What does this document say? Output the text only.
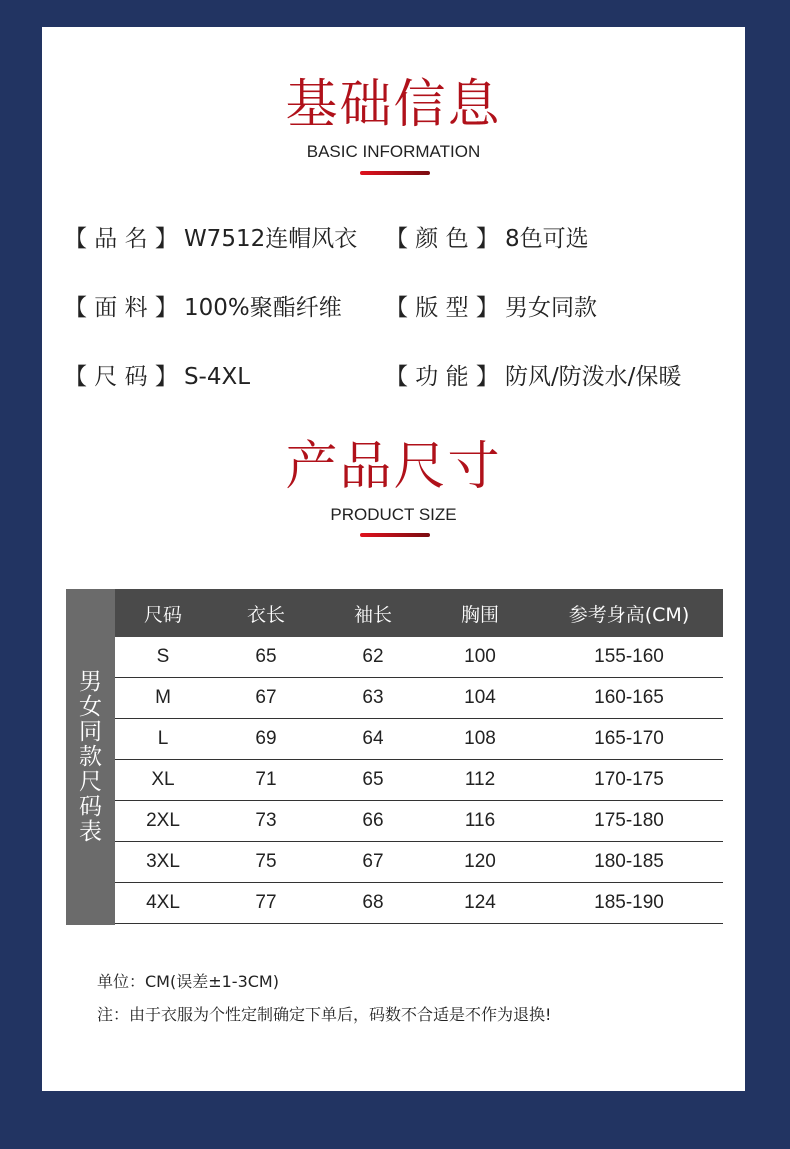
基础信息
BASIC INFORMATION
【 品 名 】 W7512连帽风衣 【 颜 色 】 8色可选
【 面 料 】 100%聚酯纤维 【 版 型 】 男女同款
【 尺 码 】 S-4XL	【 功 能 】 防风/防泼水/保暖
产品尺寸
PRODUCT SIZE
男
女
同
款
尺
码
表
尺码	衣长	袖长	胸围	参考身高(CM)
S	65	62	100	155-160
M	67	63	104	160-165
L	69	64	108	165-170
XL	71	65	112	170-175
2XL	73	66	116	175-180
3XL	75	67	120	180-185
4XL	77	68	124	185-190
单位：CM(误差±1-3CM)
注：由于衣服为个性定制确定下单后，码数不合适是不作为退换!
